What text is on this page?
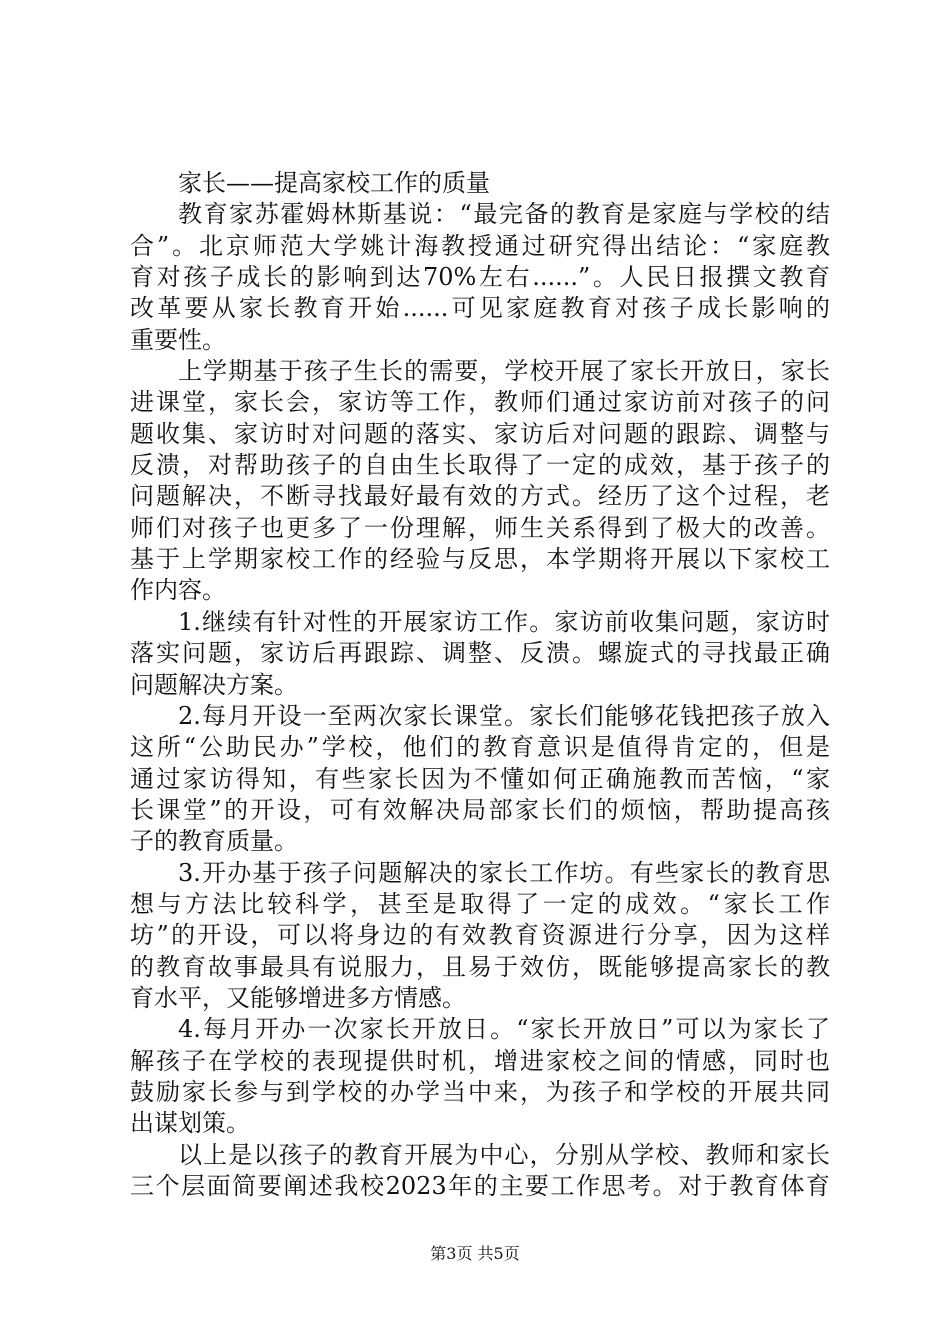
家长——提高家校工作的质量
教育家苏霍姆林斯基说：“最完备的教育是家庭与学校的结
合”。北京师范大学姚计海教授通过研究得出结论：“家庭教
育对孩子成长的影响到达70%左右......”。人民日报撰文教育
改革要从家长教育开始......可见家庭教育对孩子成长影响的
重要性。
上学期基于孩子生长的需要，学校开展了家长开放日，家长
进课堂，家长会，家访等工作，教师们通过家访前对孩子的问
题收集、家访时对问题的落实、家访后对问题的跟踪、调整与
反溃，对帮助孩子的自由生长取得了一定的成效，基于孩子的
问题解决，不断寻找最好最有效的方式。经历了这个过程，老
师们对孩子也更多了一份理解，师生关系得到了极大的改善。
基于上学期家校工作的经验与反思，本学期将开展以下家校工
作内容。
1.继续有针对性的开展家访工作。家访前收集问题，家访时
落实问题，家访后再跟踪、调整、反溃。螺旋式的寻找最正确
问题解决方案。
2.每月开设一至两次家长课堂。家长们能够花钱把孩子放入
这所“公助民办”学校，他们的教育意识是值得肯定的，但是
通过家访得知，有些家长因为不懂如何正确施教而苦恼，“家
长课堂”的开设，可有效解决局部家长们的烦恼，帮助提高孩
子的教育质量。
3.开办基于孩子问题解决的家长工作坊。有些家长的教育思
想与方法比较科学，甚至是取得了一定的成效。“家长工作
坊”的开设，可以将身边的有效教育资源进行分享，因为这样
的教育故事最具有说服力，且易于效仿，既能够提高家长的教
育水平，又能够增进多方情感。
4.每月开办一次家长开放日。“家长开放日”可以为家长了
解孩子在学校的表现提供时机，增进家校之间的情感，同时也
鼓励家长参与到学校的办学当中来，为孩子和学校的开展共同
出谋划策。
以上是以孩子的教育开展为中心，分别从学校、教师和家长
三个层面简要阐述我校2023年的主要工作思考。对于教育体育
第3页 共5页
